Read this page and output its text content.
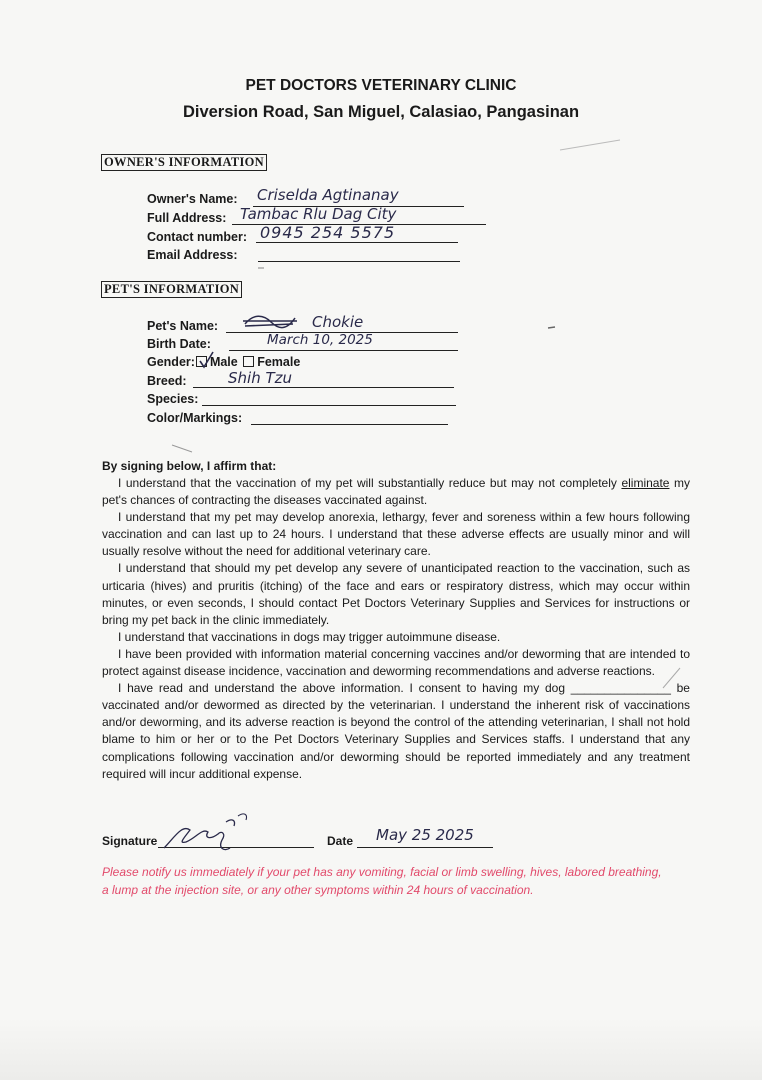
PET DOCTORS VETERINARY CLINIC
Diversion Road, San Miguel, Calasiao, Pangasinan
OWNER'S INFORMATION
Owner's Name: Criselda Agtinanay
Full Address: Tambac Rlu Dag City
Contact number: 0945 254 5575
Email Address:
PET'S INFORMATION
Pet's Name:	Chokie
Birth Date:	March 10, 2025
Gender: Male Female
Breed:	Shih Tzu
Species:
Color/Markings:
By signing below, I affirm that:
I understand that the vaccination of my pet will substantially reduce but may not completely eliminate my pet's chances of contracting the diseases vaccinated against.
I understand that my pet may develop anorexia, lethargy, fever and soreness within a few hours following vaccination and can last up to 24 hours. I understand that these adverse effects are usually minor and will usually resolve without the need for additional veterinary care.
I understand that should my pet develop any severe of unanticipated reaction to the vaccination, such as urticaria (hives) and pruritis (itching) of the face and ears or respiratory distress, which may occur within minutes, or even seconds, I should contact Pet Doctors Veterinary Supplies and Services for instructions or bring my pet back in the clinic immediately.
I understand that vaccinations in dogs may trigger autoimmune disease.
I have been provided with information material concerning vaccines and/or deworming that are intended to protect against disease incidence, vaccination and deworming recommendations and adverse reactions.
I have read and understand the above information. I consent to having my dog _______________ be vaccinated and/or dewormed as directed by the veterinarian. I understand the inherent risk of vaccinations and/or deworming, and its adverse reaction is beyond the control of the attending veterinarian, I shall not hold blame to him or her or to the Pet Doctors Veterinary Supplies and Services staffs. I understand that any complications following vaccination and/or deworming should be reported immediately and any treatment required will incur additional expense.
Signature	Date May 25 2025
Please notify us immediately if your pet has any vomiting, facial or limb swelling, hives, labored breathing, a lump at the injection site, or any other symptoms within 24 hours of vaccination.
